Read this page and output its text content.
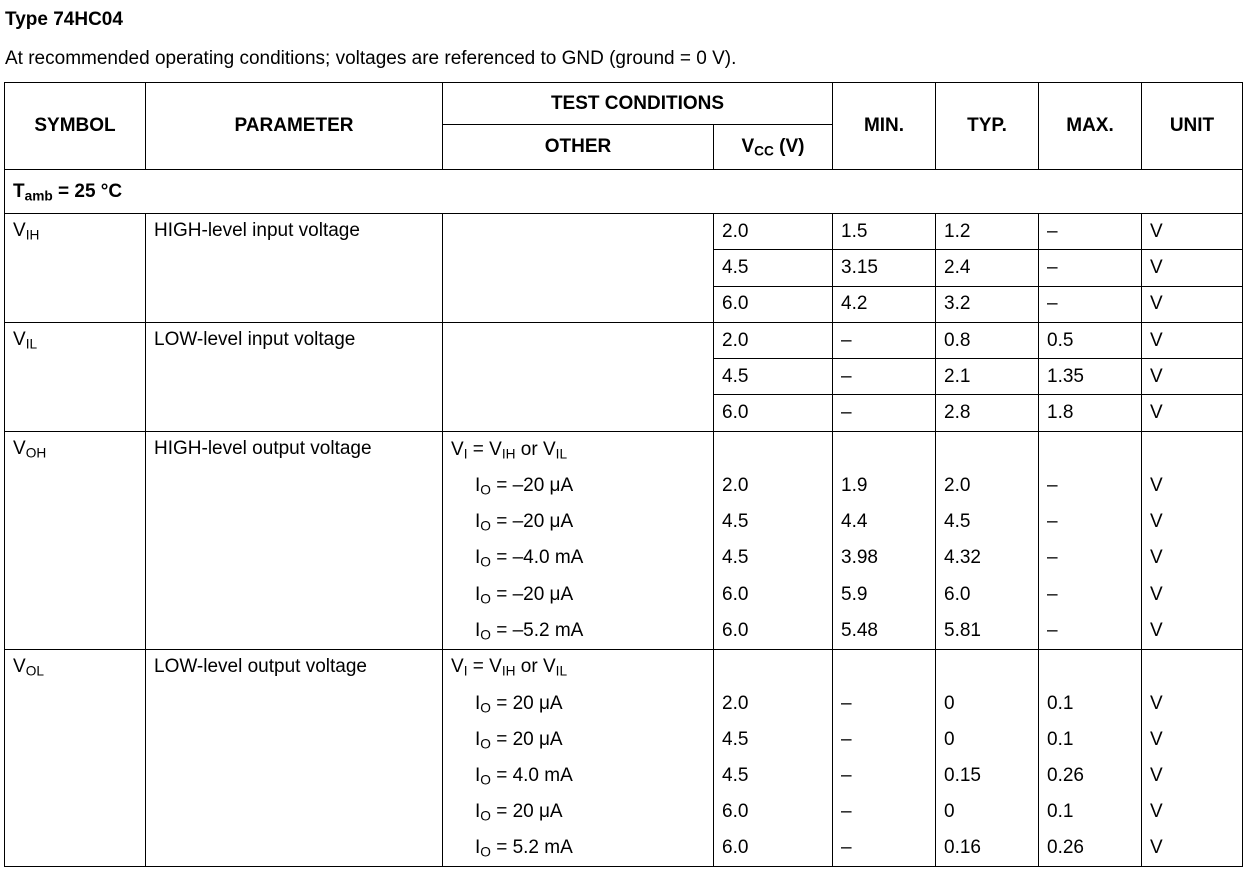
Type 74HC04

At recommended operating conditions; voltages are referenced to GND (ground = 0 V).

SYMBOL	PARAMETER	TEST CONDITIONS		MIN.	TYP.	MAX.	UNIT
		OTHER	$V_{CC}$ (V)				
$T_{amb} = 25$ °C							
$V_{IH}$	HIGH-level input voltage		2.0	1.5	1.2	–	V
			4.5	3.15	2.4	–	V
			6.0	4.2	3.2	–	V
$V_{IL}$	LOW-level input voltage		2.0	–	0.8	0.5	V
			4.5	–	2.1	1.35	V
			6.0	–	2.8	1.8	V
$V_{OH}$	HIGH-level output voltage	$V_I = V_{IH}$ or $V_{IL}$					
		$I_O = -20$ μA	2.0	1.9	2.0	–	V
		$I_O = -20$ μA	4.5	4.4	4.5	–	V
		$I_O = -4.0$ mA	4.5	3.98	4.32	–	V
		$I_O = -20$ μA	6.0	5.9	6.0	–	V
		$I_O = -5.2$ mA	6.0	5.48	5.81	–	V
$V_{OL}$	LOW-level output voltage	$V_I = V_{IH}$ or $V_{IL}$					
		$I_O = 20$ μA	2.0	–	0	0.1	V
		$I_O = 20$ μA	4.5	–	0	0.1	V
		$I_O = 4.0$ mA	4.5	–	0.15	0.26	V
		$I_O = 20$ μA	6.0	–	0	0.1	V
		$I_O = 5.2$ mA	6.0	–	0.16	0.26	V
